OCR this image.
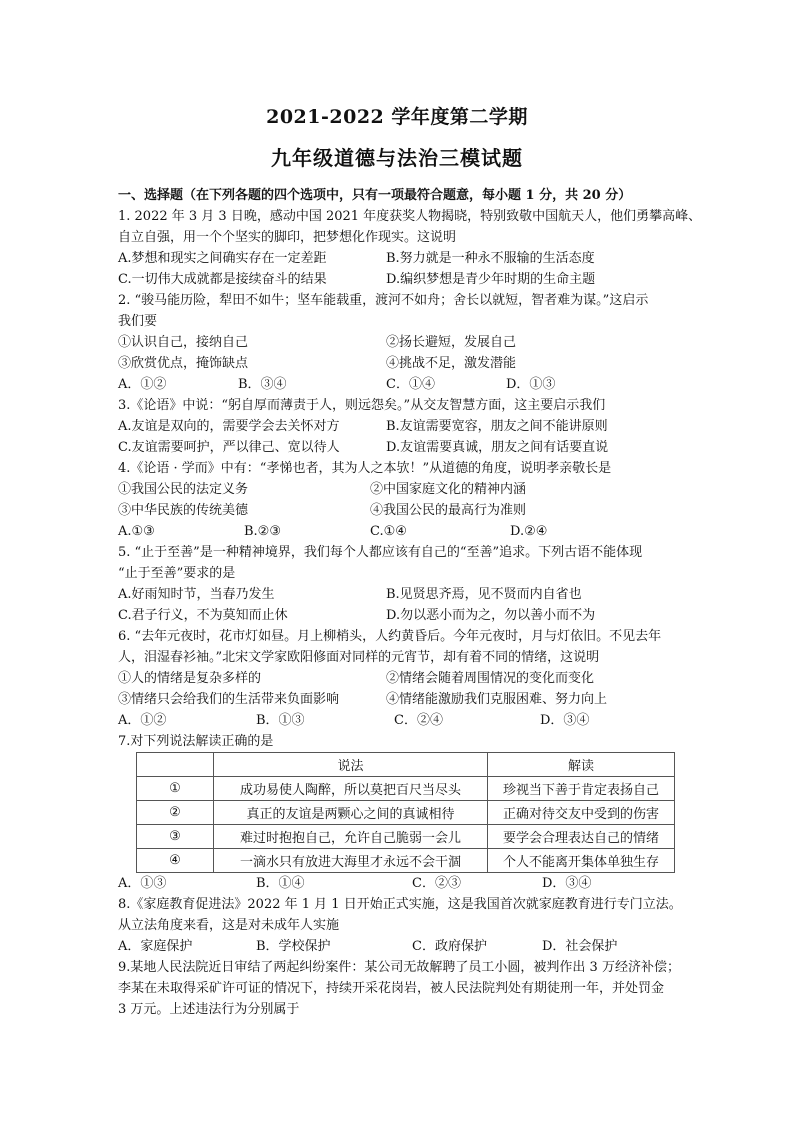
2021-2022 学年度第二学期
九年级道德与法治三模试题
一、选择题（在下列各题的四个选项中，只有一项最符合题意，每小题 1 分，共 20 分）
1. 2022 年 3 月 3 日晚，感动中国 2021 年度获奖人物揭晓，特别致敬中国航天人，他们勇攀高峰、
自立自强，用一个个坚实的脚印，把梦想化作现实。这说明
A.梦想和现实之间确实存在一定差距	B.努力就是一种永不服输的生活态度
C.一切伟大成就都是接续奋斗的结果	D.编织梦想是青少年时期的生命主题
2. “骏马能历险，犁田不如牛；坚车能载重，渡河不如舟；舍长以就短，智者难为谋。”这启示
我们要
①认识自己，接纳自己	②扬长避短，发展自己
③欣赏优点，掩饰缺点	④挑战不足，激发潜能
A．①②	B．③④	C．①④	D．①③
3.《论语》中说：“躬自厚而薄责于人，则远怨矣。”从交友智慧方面，这主要启示我们
A.友谊是双向的，需要学会去关怀对方	B.友谊需要宽容，朋友之间不能讲原则
C.友谊需要呵护，严以律己、宽以待人	D.友谊需要真诚，朋友之间有话要直说
4.《论语 · 学而》中有：“孝悌也者，其为人之本欤！”从道德的角度，说明孝亲敬长是
①我国公民的法定义务	②中国家庭文化的精神内涵
③中华民族的传统美德	④我国公民的最高行为准则
A.①③	B.②③	C.①④	D.②④
5. “止于至善”是一种精神境界，我们每个人都应该有自己的“至善”追求。下列古语不能体现
“止于至善”要求的是
A.好雨知时节，当春乃发生	B.见贤思齐焉，见不贤而内自省也
C.君子行义，不为莫知而止休	D.勿以恶小而为之，勿以善小而不为
6. “去年元夜时，花市灯如昼。月上柳梢头，人约黄昏后。今年元夜时，月与灯依旧。不见去年
人，泪湿春衫袖。”北宋文学家欧阳修面对同样的元宵节，却有着不同的情绪，这说明
①人的情绪是复杂多样的	②情绪会随着周围情况的变化而变化
③情绪只会给我们的生活带来负面影响	④情绪能激励我们克服困难、努力向上
A．①②	B．①③	C．②④	D．③④
7.对下列说法解读正确的是
	说法	解读
①	成功易使人陶醉，所以莫把百尺当尽头	珍视当下善于肯定表扬自己
②	真正的友谊是两颗心之间的真诚相待	正确对待交友中受到的伤害
③	难过时抱抱自己，允许自己脆弱一会儿	要学会合理表达自己的情绪
④	一滴水只有放进大海里才永远不会干涸	个人不能离开集体单独生存
A．①③	B．①④	C．②③	D．③④
8.《家庭教育促进法》2022 年 1 月 1 日开始正式实施，这是我国首次就家庭教育进行专门立法。
从立法角度来看，这是对未成年人实施
A．家庭保护	B．学校保护	C．政府保护	D．社会保护
9.某地人民法院近日审结了两起纠纷案件：某公司无故解聘了员工小圆，被判作出 3 万经济补偿；
李某在未取得采矿许可证的情况下，持续开采花岗岩，被人民法院判处有期徒刑一年，并处罚金
3 万元。上述违法行为分别属于
